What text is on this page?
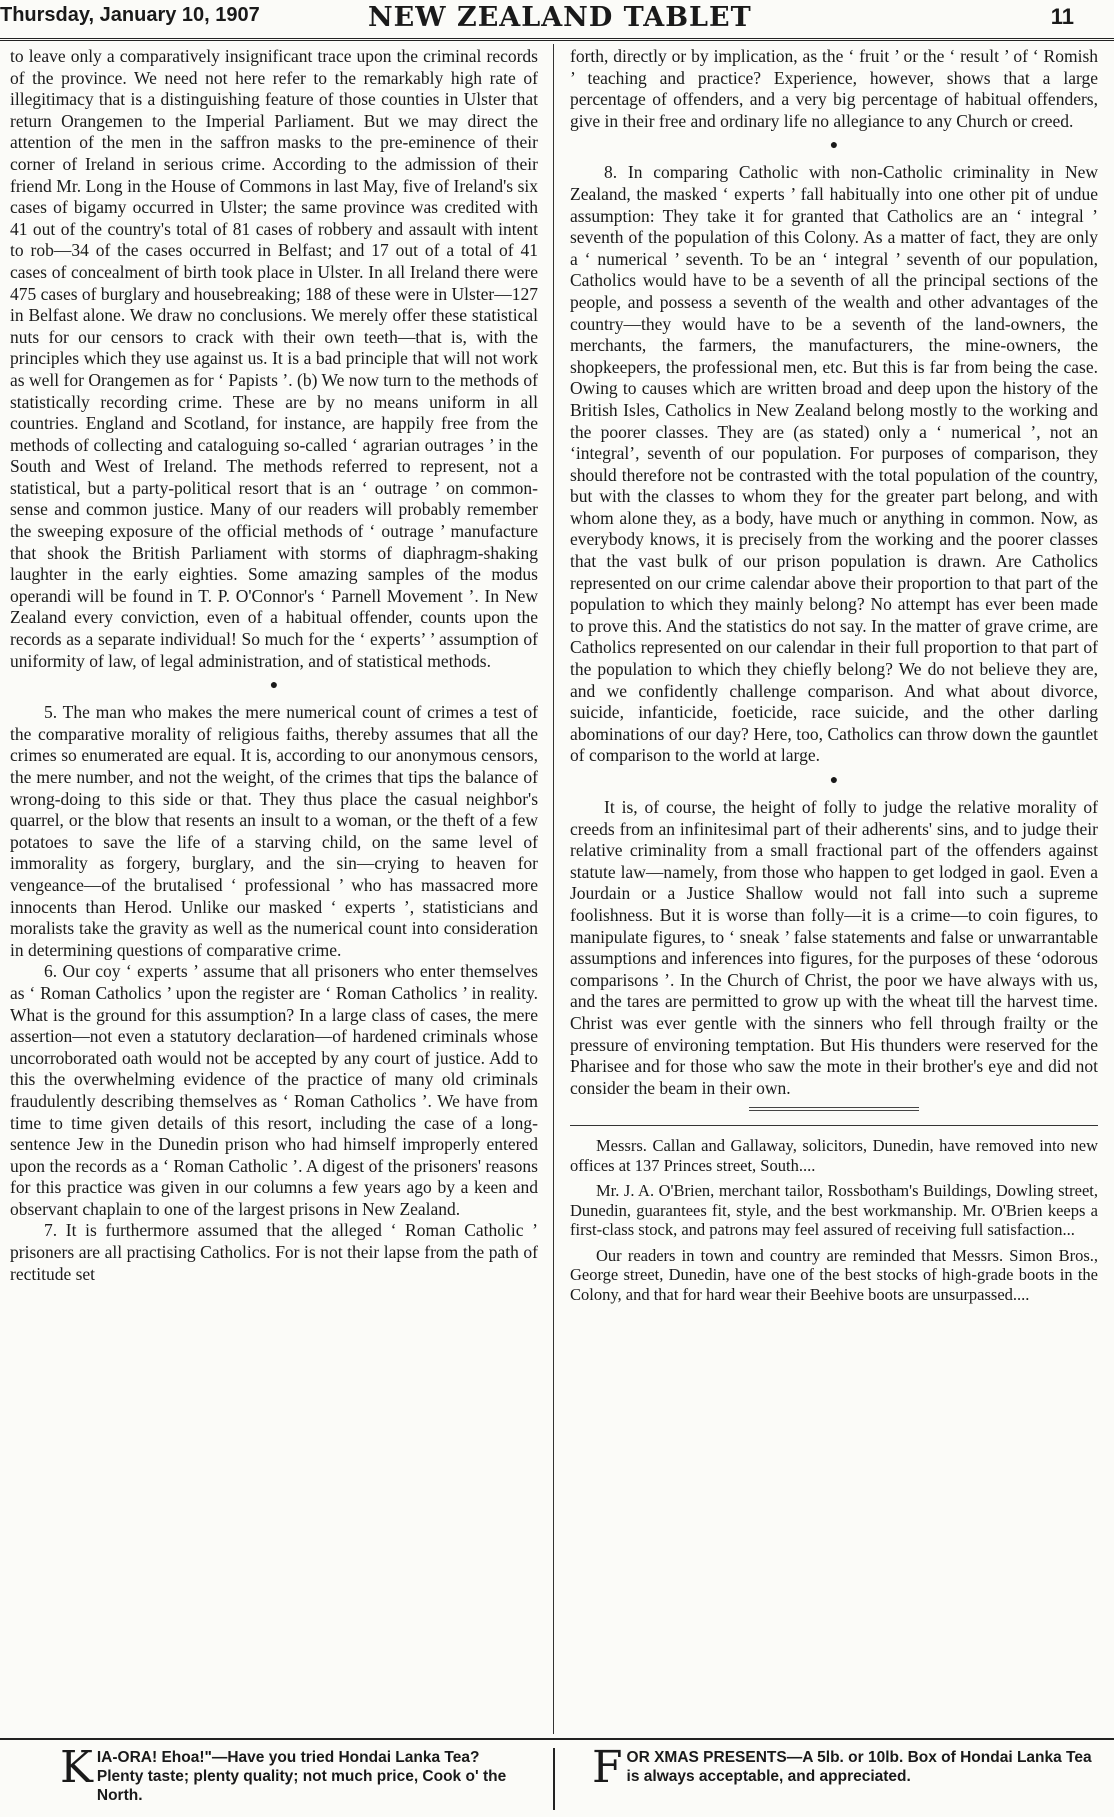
Thursday, January 10, 1907	NEW ZEALAND TABLET	11

to leave only a comparatively insignificant trace upon the criminal records of the province. We need not here refer to the remarkably high rate of illegitimacy that is a distinguishing feature of those counties in Ulster that return Orangemen to the Imperial Parliament. But we may direct the attention of the men in the saffron masks to the pre-eminence of their corner of Ireland in serious crime. According to the admission of their friend Mr. Long in the House of Commons in last May, five of Ireland's six cases of bigamy occurred in Ulster; the same province was credited with 41 out of the country's total of 81 cases of robbery and assault with intent to rob—34 of the cases occurred in Belfast; and 17 out of a total of 41 cases of concealment of birth took place in Ulster. In all Ireland there were 475 cases of burglary and housebreaking; 188 of these were in Ulster—127 in Belfast alone. We draw no conclusions. We merely offer these statistical nuts for our censors to crack with their own teeth—that is, with the principles which they use against us. It is a bad principle that will not work as well for Orangemen as for ‘ Papists ’. (b) We now turn to the methods of statistically recording crime. These are by no means uniform in all countries. England and Scotland, for instance, are happily free from the methods of collecting and cataloguing so-called ‘ agrarian outrages ’ in the South and West of Ireland. The methods referred to represent, not a statistical, but a party-political resort that is an ‘ outrage ’ on common-sense and common justice. Many of our readers will probably remember the sweeping exposure of the official methods of ‘ outrage ’ manufacture that shook the British Parliament with storms of diaphragm-shaking laughter in the early eighties. Some amazing samples of the modus operandi will be found in T. P. O'Connor's ‘ Parnell Movement ’. In New Zealand every conviction, even of a habitual offender, counts upon the records as a separate individual! So much for the ‘ experts’ ’ assumption of uniformity of law, of legal administration, and of statistical methods.

●

5. The man who makes the mere numerical count of crimes a test of the comparative morality of religious faiths, thereby assumes that all the crimes so enumerated are equal. It is, according to our anonymous censors, the mere number, and not the weight, of the crimes that tips the balance of wrong-doing to this side or that. They thus place the casual neighbor's quarrel, or the blow that resents an insult to a woman, or the theft of a few potatoes to save the life of a starving child, on the same level of immorality as forgery, burglary, and the sin—crying to heaven for vengeance—of the brutalised ‘ professional ’ who has massacred more innocents than Herod. Unlike our masked ‘ experts ’, statisticians and moralists take the gravity as well as the numerical count into consideration in determining questions of comparative crime.

6. Our coy ‘ experts ’ assume that all prisoners who enter themselves as ‘ Roman Catholics ’ upon the register are ‘ Roman Catholics ’ in reality. What is the ground for this assumption? In a large class of cases, the mere assertion—not even a statutory declaration—of hardened criminals whose uncorroborated oath would not be accepted by any court of justice. Add to this the overwhelming evidence of the practice of many old criminals fraudulently describing themselves as ‘ Roman Catholics ’. We have from time to time given details of this resort, including the case of a long-sentence Jew in the Dunedin prison who had himself improperly entered upon the records as a ‘ Roman Catholic ’. A digest of the prisoners' reasons for this practice was given in our columns a few years ago by a keen and observant chaplain to one of the largest prisons in New Zealand.

7. It is furthermore assumed that the alleged ‘ Roman Catholic ’ prisoners are all practising Catholics. For is not their lapse from the path of rectitude set

forth, directly or by implication, as the ‘ fruit ’ or the ‘ result ’ of ‘ Romish ’ teaching and practice? Experience, however, shows that a large percentage of offenders, and a very big percentage of habitual offenders, give in their free and ordinary life no allegiance to any Church or creed.

●

8. In comparing Catholic with non-Catholic criminality in New Zealand, the masked ‘ experts ’ fall habitually into one other pit of undue assumption: They take it for granted that Catholics are an ‘ integral ’ seventh of the population of this Colony. As a matter of fact, they are only a ‘ numerical ’ seventh. To be an ‘ integral ’ seventh of our population, Catholics would have to be a seventh of all the principal sections of the people, and possess a seventh of the wealth and other advantages of the country—they would have to be a seventh of the land-owners, the merchants, the farmers, the manufacturers, the mine-owners, the shopkeepers, the professional men, etc. But this is far from being the case. Owing to causes which are written broad and deep upon the history of the British Isles, Catholics in New Zealand belong mostly to the working and the poorer classes. They are (as stated) only a ‘ numerical ’, not an ‘integral’, seventh of our population. For purposes of comparison, they should therefore not be contrasted with the total population of the country, but with the classes to whom they for the greater part belong, and with whom alone they, as a body, have much or anything in common. Now, as everybody knows, it is precisely from the working and the poorer classes that the vast bulk of our prison population is drawn. Are Catholics represented on our crime calendar above their proportion to that part of the population to which they mainly belong? No attempt has ever been made to prove this. And the statistics do not say. In the matter of grave crime, are Catholics represented on our calendar in their full proportion to that part of the population to which they chiefly belong? We do not believe they are, and we confidently challenge comparison. And what about divorce, suicide, infanticide, foeticide, race suicide, and the other darling abominations of our day? Here, too, Catholics can throw down the gauntlet of comparison to the world at large.

●

It is, of course, the height of folly to judge the relative morality of creeds from an infinitesimal part of their adherents' sins, and to judge their relative criminality from a small fractional part of the offenders against statute law—namely, from those who happen to get lodged in gaol. Even a Jourdain or a Justice Shallow would not fall into such a supreme foolishness. But it is worse than folly—it is a crime—to coin figures, to manipulate figures, to ‘ sneak ’ false statements and false or unwarrantable assumptions and inferences into figures, for the purposes of these ‘odorous comparisons ’. In the Church of Christ, the poor we have always with us, and the tares are permitted to grow up with the wheat till the harvest time. Christ was ever gentle with the sinners who fell through frailty or the pressure of environing temptation. But His thunders were reserved for the Pharisee and for those who saw the mote in their brother's eye and did not consider the beam in their own.

Messrs. Callan and Gallaway, solicitors, Dunedin, have removed into new offices at 137 Princes street, South....

Mr. J. A. O'Brien, merchant tailor, Rossbotham's Buildings, Dowling street, Dunedin, guarantees fit, style, and the best workmanship. Mr. O'Brien keeps a first-class stock, and patrons may feel assured of receiving full satisfaction...

Our readers in town and country are reminded that Messrs. Simon Bros., George street, Dunedin, have one of the best stocks of high-grade boots in the Colony, and that for hard wear their Beehive boots are unsurpassed....

K IA-ORA! Ehoa!"—Have you tried Hondai Lanka Tea? Plenty taste; plenty quality; not much price, Cook o' the North.
F OR XMAS PRESENTS—A 5lb. or 10lb. Box of Hondai Lanka Tea is always acceptable, and appreciated.
